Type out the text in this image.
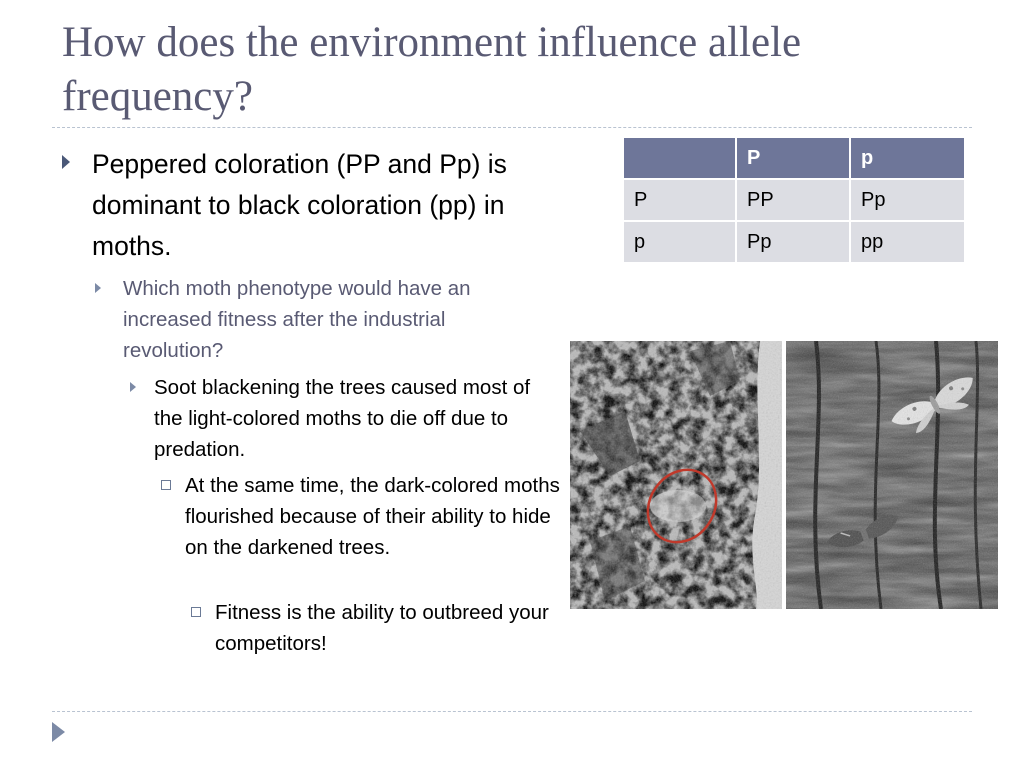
How does the environment influence allele frequency?
Peppered coloration (PP and Pp) is dominant to black coloration (pp) in moths.
Which moth phenotype would have an increased fitness after the industrial revolution?
Soot blackening the trees caused most of the light-colored moths to die off due to predation.
At the same time, the dark-colored moths flourished because of their ability to hide on the darkened trees.
Fitness is the ability to outbreed your competitors!
	P	p
P	PP	Pp
p	Pp	pp
